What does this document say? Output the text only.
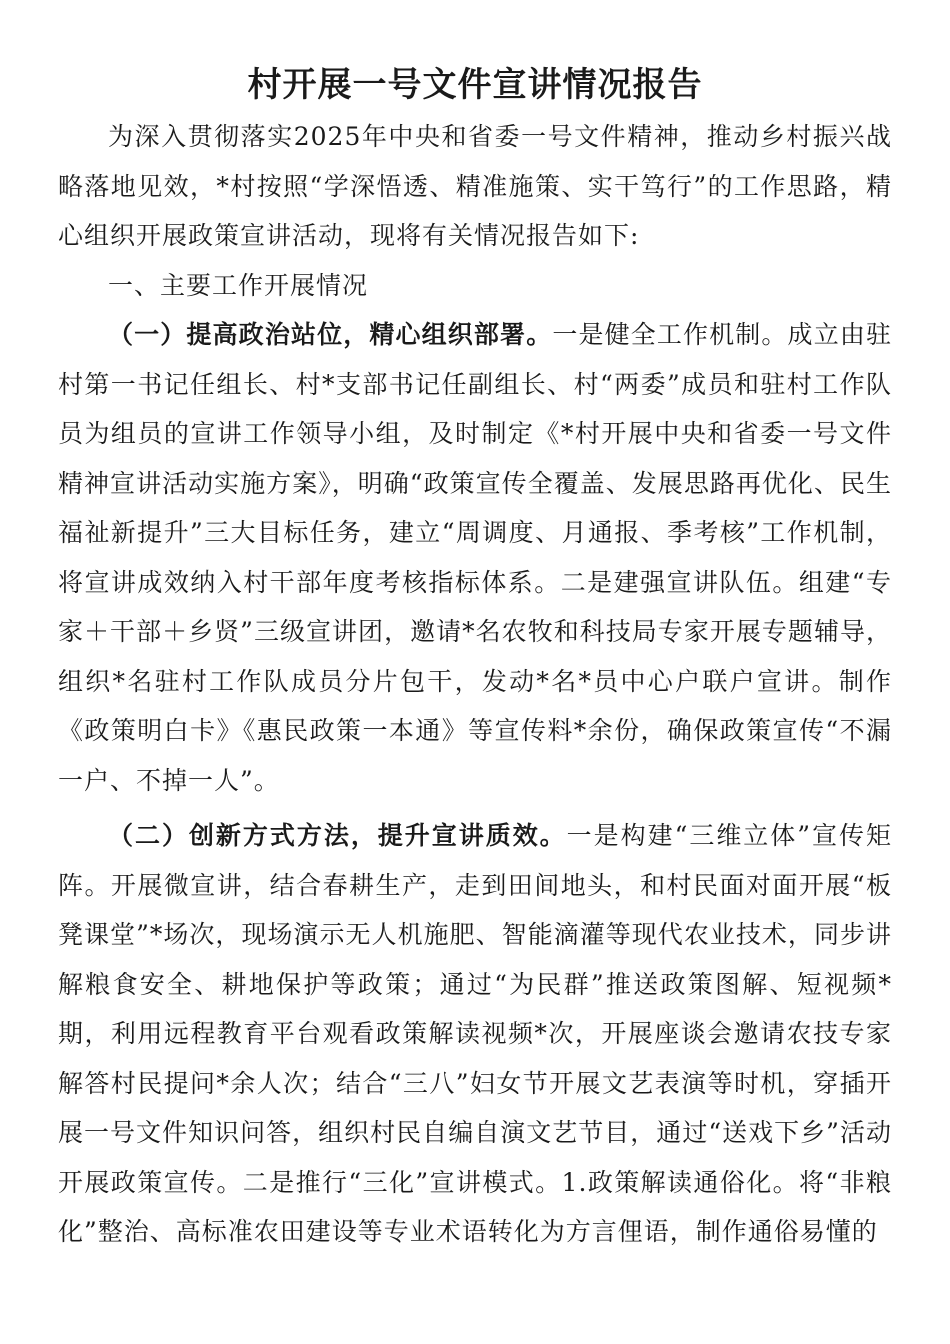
村开展一号文件宣讲情况报告

为深入贯彻落实2025年中央和省委一号文件精神，推动乡村振兴战略落地见效，*村按照“学深悟透、精准施策、实干笃行”的工作思路，精心组织开展政策宣讲活动，现将有关情况报告如下:

一、主要工作开展情况

（一）提高政治站位，精心组织部署。一是健全工作机制。成立由驻村第一书记任组长、村*支部书记任副组长、村“两委”成员和驻村工作队员为组员的宣讲工作领导小组，及时制定《*村开展中央和省委一号文件精神宣讲活动实施方案》，明确“政策宣传全覆盖、发展思路再优化、民生福祉新提升”三大目标任务，建立“周调度、月通报、季考核”工作机制，将宣讲成效纳入村干部年度考核指标体系。二是建强宣讲队伍。组建“专家＋干部＋乡贤”三级宣讲团，邀请*名农牧和科技局专家开展专题辅导，组织*名驻村工作队成员分片包干，发动*名*员中心户联户宣讲。制作《政策明白卡》《惠民政策一本通》等宣传料*余份，确保政策宣传“不漏一户、不掉一人”。

（二）创新方式方法，提升宣讲质效。一是构建“三维立体”宣传矩阵。开展微宣讲，结合春耕生产，走到田间地头，和村民面对面开展“板凳课堂”*场次，现场演示无人机施肥、智能滴灌等现代农业技术，同步讲解粮食安全、耕地保护等政策；通过“为民群”推送政策图解、短视频*期，利用远程教育平台观看政策解读视频*次，开展座谈会邀请农技专家解答村民提问*余人次；结合“三八”妇女节开展文艺表演等时机，穿插开展一号文件知识问答，组织村民自编自演文艺节目，通过“送戏下乡”活动开展政策宣传。二是推行“三化”宣讲模式。1.政策解读通俗化。将“非粮化”整治、高标准农田建设等专业术语转化为方言俚语，制作通俗易懂的
